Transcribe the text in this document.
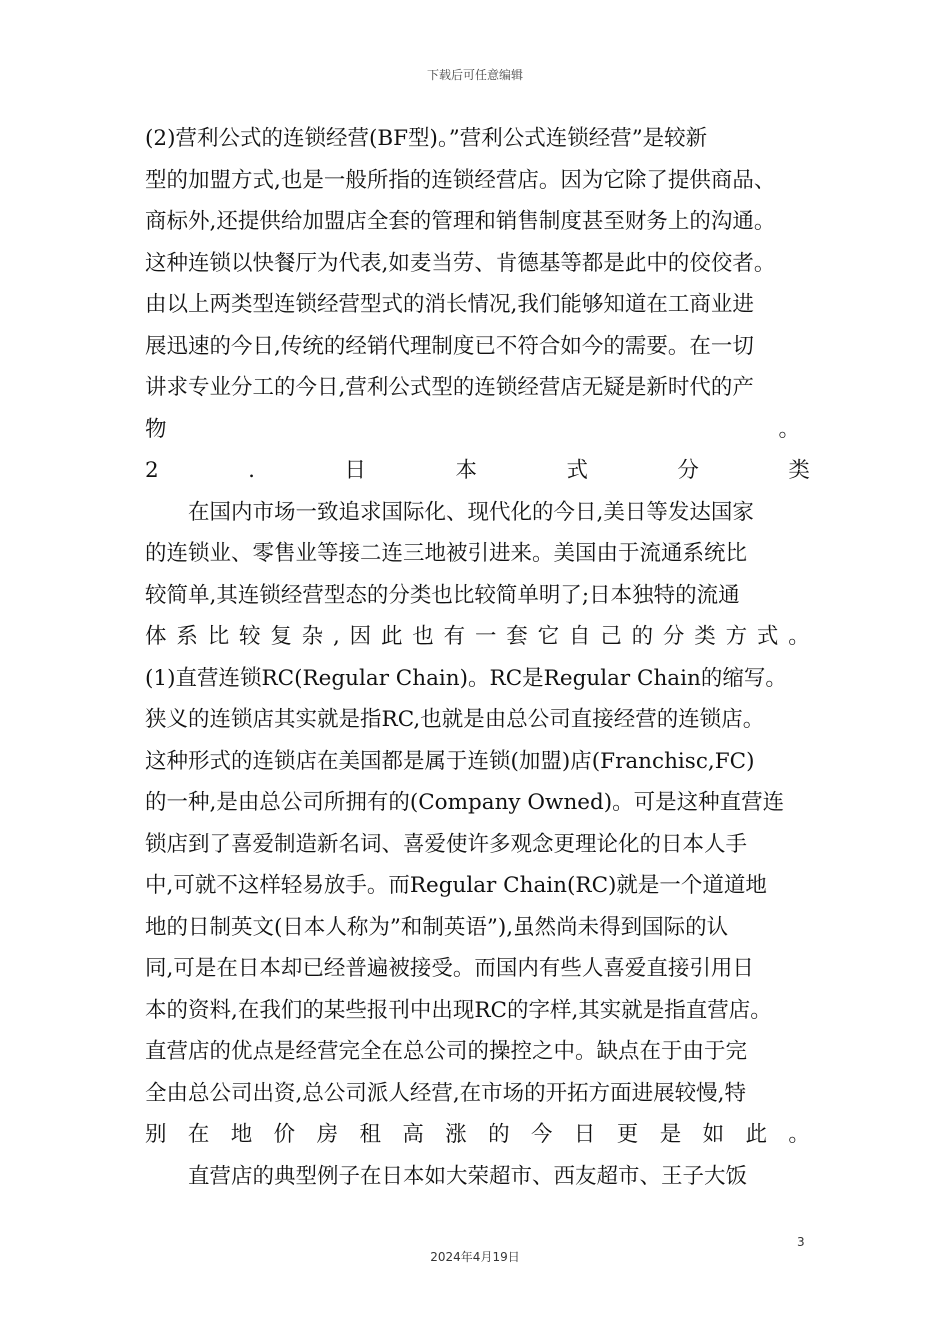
下载后可任意编辑
(2)营利公式的连锁经营(BF型)。”营利公式连锁经营”是较新
型的加盟方式,也是一般所指的连锁经营店。因为它除了提供商品、
商标外,还提供给加盟店全套的管理和销售制度甚至财务上的沟通。
这种连锁以快餐厅为代表,如麦当劳、肯德基等都是此中的佼佼者。
由以上两类型连锁经营型式的消长情况,我们能够知道在工商业进
展迅速的今日,传统的经销代理制度已不符合如今的需要。在一切
讲求专业分工的今日,营利公式型的连锁经营店无疑是新时代的产
物	。
2	.	日	本	式	分	类
在国内市场一致追求国际化、现代化的今日,美日等发达国家
的连锁业、零售业等接二连三地被引进来。美国由于流通系统比
较简单,其连锁经营型态的分类也比较简单明了;日本独特的流通
体 系 比 较 复 杂 , 因 此 也 有 一 套 它 自 己 的 分 类 方 式 。
(1)直营连锁RC(Regular Chain)。RC是Regular Chain的缩写。
狭义的连锁店其实就是指RC,也就是由总公司直接经营的连锁店。
这种形式的连锁店在美国都是属于连锁(加盟)店(Franchisc,FC)
的一种,是由总公司所拥有的(Company Owned)。可是这种直营连
锁店到了喜爱制造新名词、喜爱使许多观念更理论化的日本人手
中,可就不这样轻易放手。而Regular Chain(RC)就是一个道道地
地的日制英文(日本人称为”和制英语”),虽然尚未得到国际的认
同,可是在日本却已经普遍被接受。而国内有些人喜爱直接引用日
本的资料,在我们的某些报刊中出现RC的字样,其实就是指直营店。
直营店的优点是经营完全在总公司的操控之中。缺点在于由于完
全由总公司出资,总公司派人经营,在市场的开拓方面进展较慢,特
别 在 地 价 房 租 高 涨 的 今 日 更 是 如 此 。
直营店的典型例子在日本如大荣超市、西友超市、王子大饭
3
2024年4月19日
